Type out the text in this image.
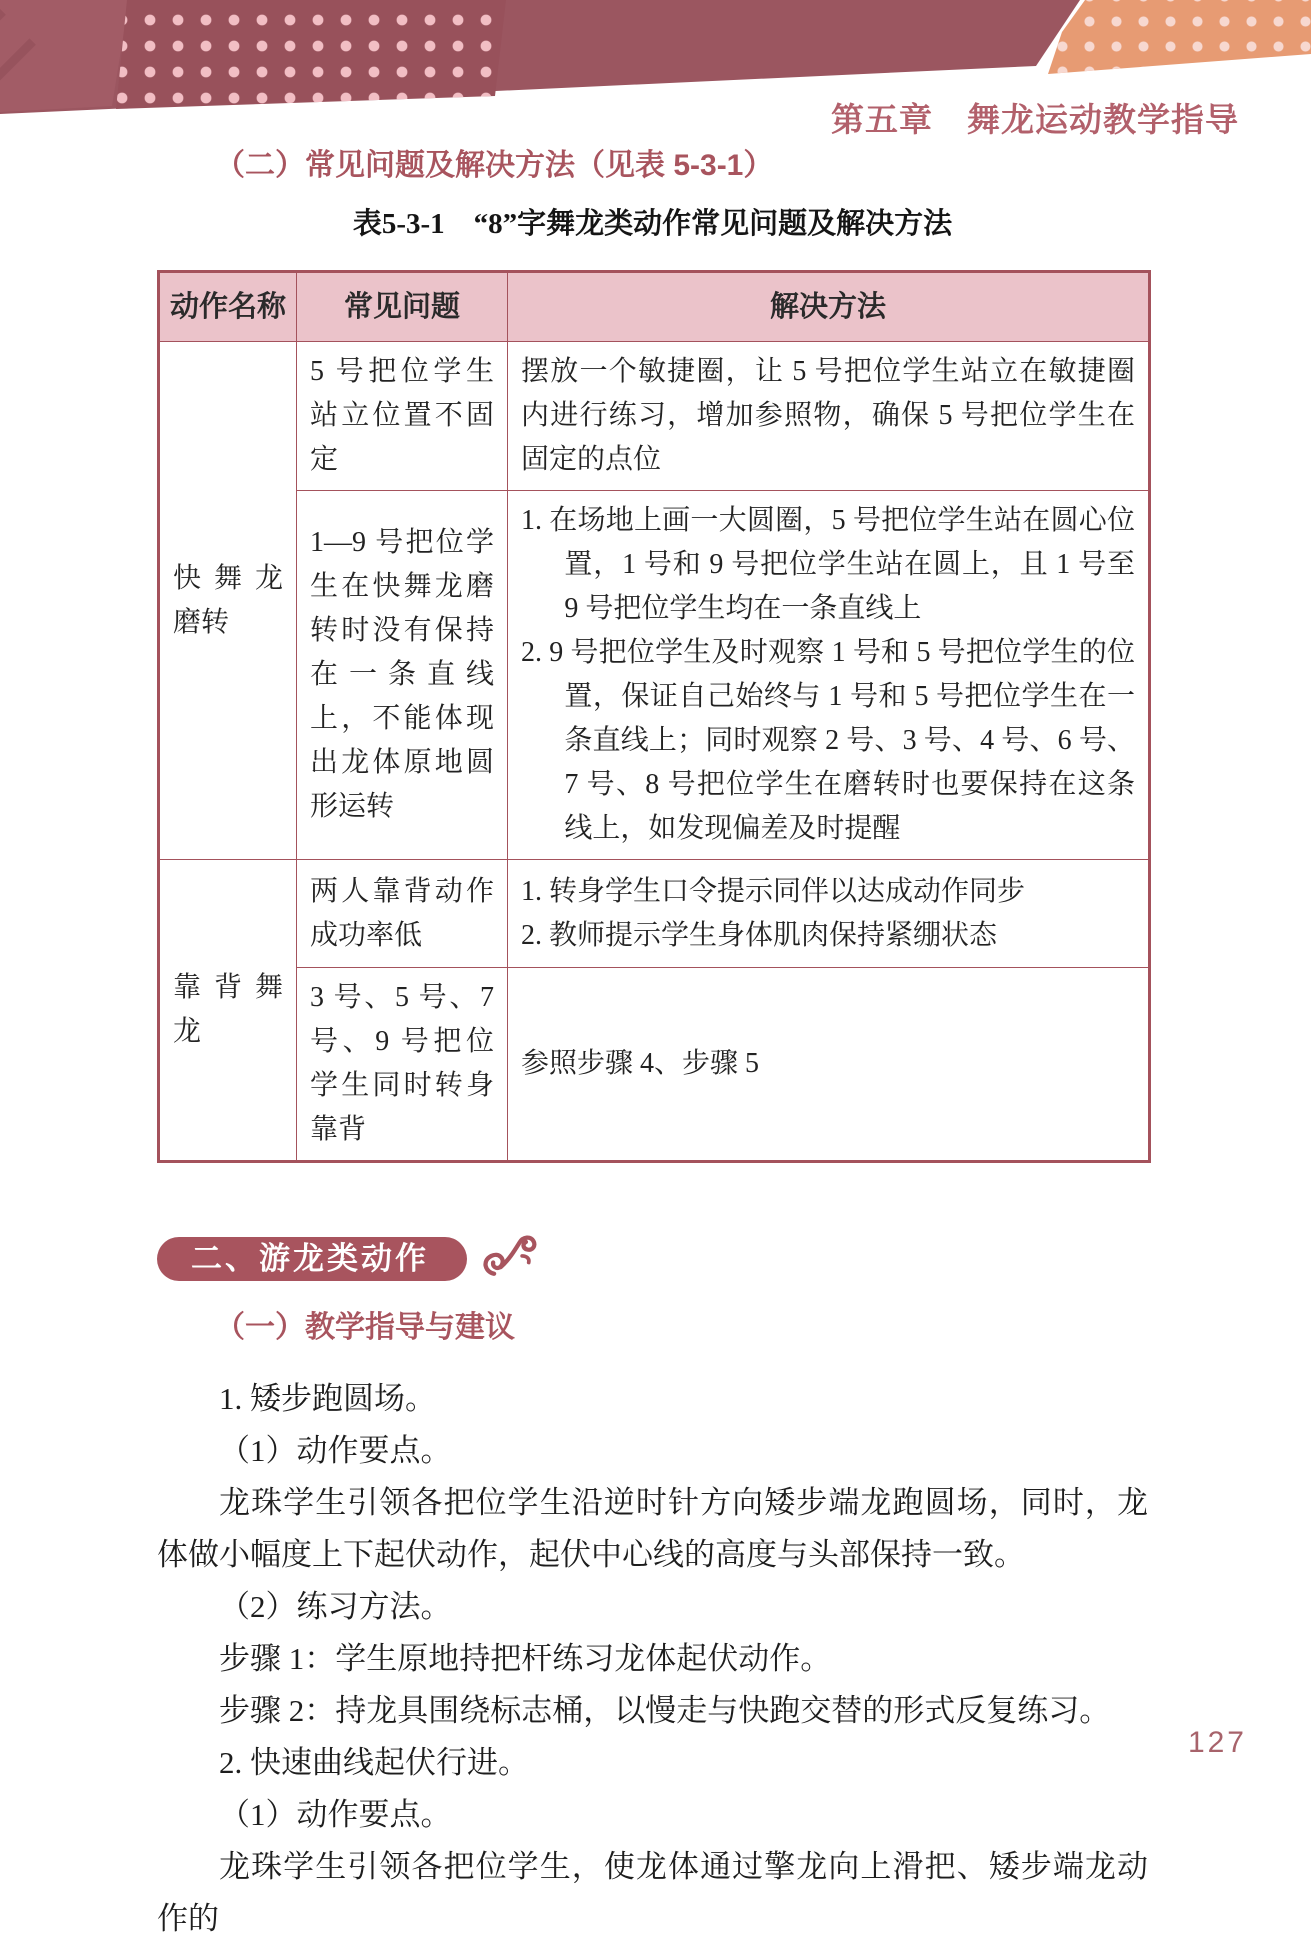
第五章　舞龙运动教学指导
（二）常见问题及解决方法（见表 5-3-1）
表5-3-1　“8”字舞龙类动作常见问题及解决方法
动作名称	常见问题	解决方法
快舞龙磨转	5 号把位学生站立位置不固定	摆放一个敏捷圈，让 5 号把位学生站立在敏捷圈内进行练习，增加参照物，确保 5 号把位学生在固定的点位
	1—9 号把位学生在快舞龙磨转时没有保持在一条直线上，不能体现出龙体原地圆形运转	1. 在场地上画一大圆圈，5 号把位学生站在圆心位置，1 号和 9 号把位学生站在圆上，且 1 号至 9 号把位学生均在一条直线上
2. 9 号把位学生及时观察 1 号和 5 号把位学生的位置，保证自己始终与 1 号和 5 号把位学生在一条直线上；同时观察 2 号、3 号、4 号、6 号、7 号、8 号把位学生在磨转时也要保持在这条线上，如发现偏差及时提醒

靠背舞龙	两人靠背动作成功率低	1. 转身学生口令提示同伴以达成动作同步
2. 教师提示学生身体肌肉保持紧绷状态

	3 号、5 号、7 号、9 号把位学生同时转身靠背	参照步骤 4、步骤 5
二、游龙类动作
（一）教学指导与建议

1. 矮步跑圆场。

（1）动作要点。

龙珠学生引领各把位学生沿逆时针方向矮步端龙跑圆场，同时，龙体做小幅度上下起伏动作，起伏中心线的高度与头部保持一致。

（2）练习方法。

步骤 1：学生原地持把杆练习龙体起伏动作。

步骤 2：持龙具围绕标志桶，以慢走与快跑交替的形式反复练习。

2. 快速曲线起伏行进。

（1）动作要点。

龙珠学生引领各把位学生，使龙体通过擎龙向上滑把、矮步端龙动作的

127
